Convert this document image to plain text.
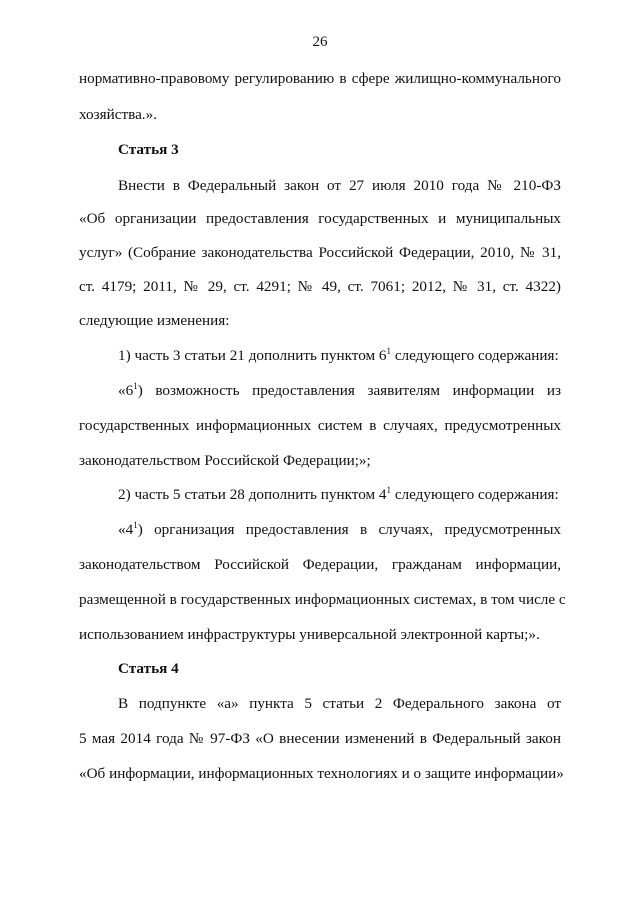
26
нормативно-правовому регулированию в сфере жилищно-коммунального
хозяйства.».
Статья 3
Внести в Федеральный закон от 27 июля 2010 года № 210-ФЗ
«Об организации предоставления государственных и муниципальных
услуг» (Собрание законодательства Российской Федерации, 2010, № 31,
ст. 4179; 2011, № 29, ст. 4291; № 49, ст. 7061; 2012, № 31, ст. 4322)
следующие изменения:
1) часть 3 статьи 21 дополнить пунктом $6^1$ следующего содержания:
«$6^1$) возможность предоставления заявителям информации из
государственных информационных систем в случаях, предусмотренных
законодательством Российской Федерации;»;
2) часть 5 статьи 28 дополнить пунктом $4^1$ следующего содержания:
«$4^1$) организация предоставления в случаях, предусмотренных
законодательством Российской Федерации, гражданам информации,
размещенной в государственных информационных системах, в том числе с
использованием инфраструктуры универсальной электронной карты;».
Статья 4
В подпункте «а» пункта 5 статьи 2 Федерального закона от
5 мая 2014 года № 97-ФЗ «О внесении изменений в Федеральный закон
«Об информации, информационных технологиях и о защите информации»
